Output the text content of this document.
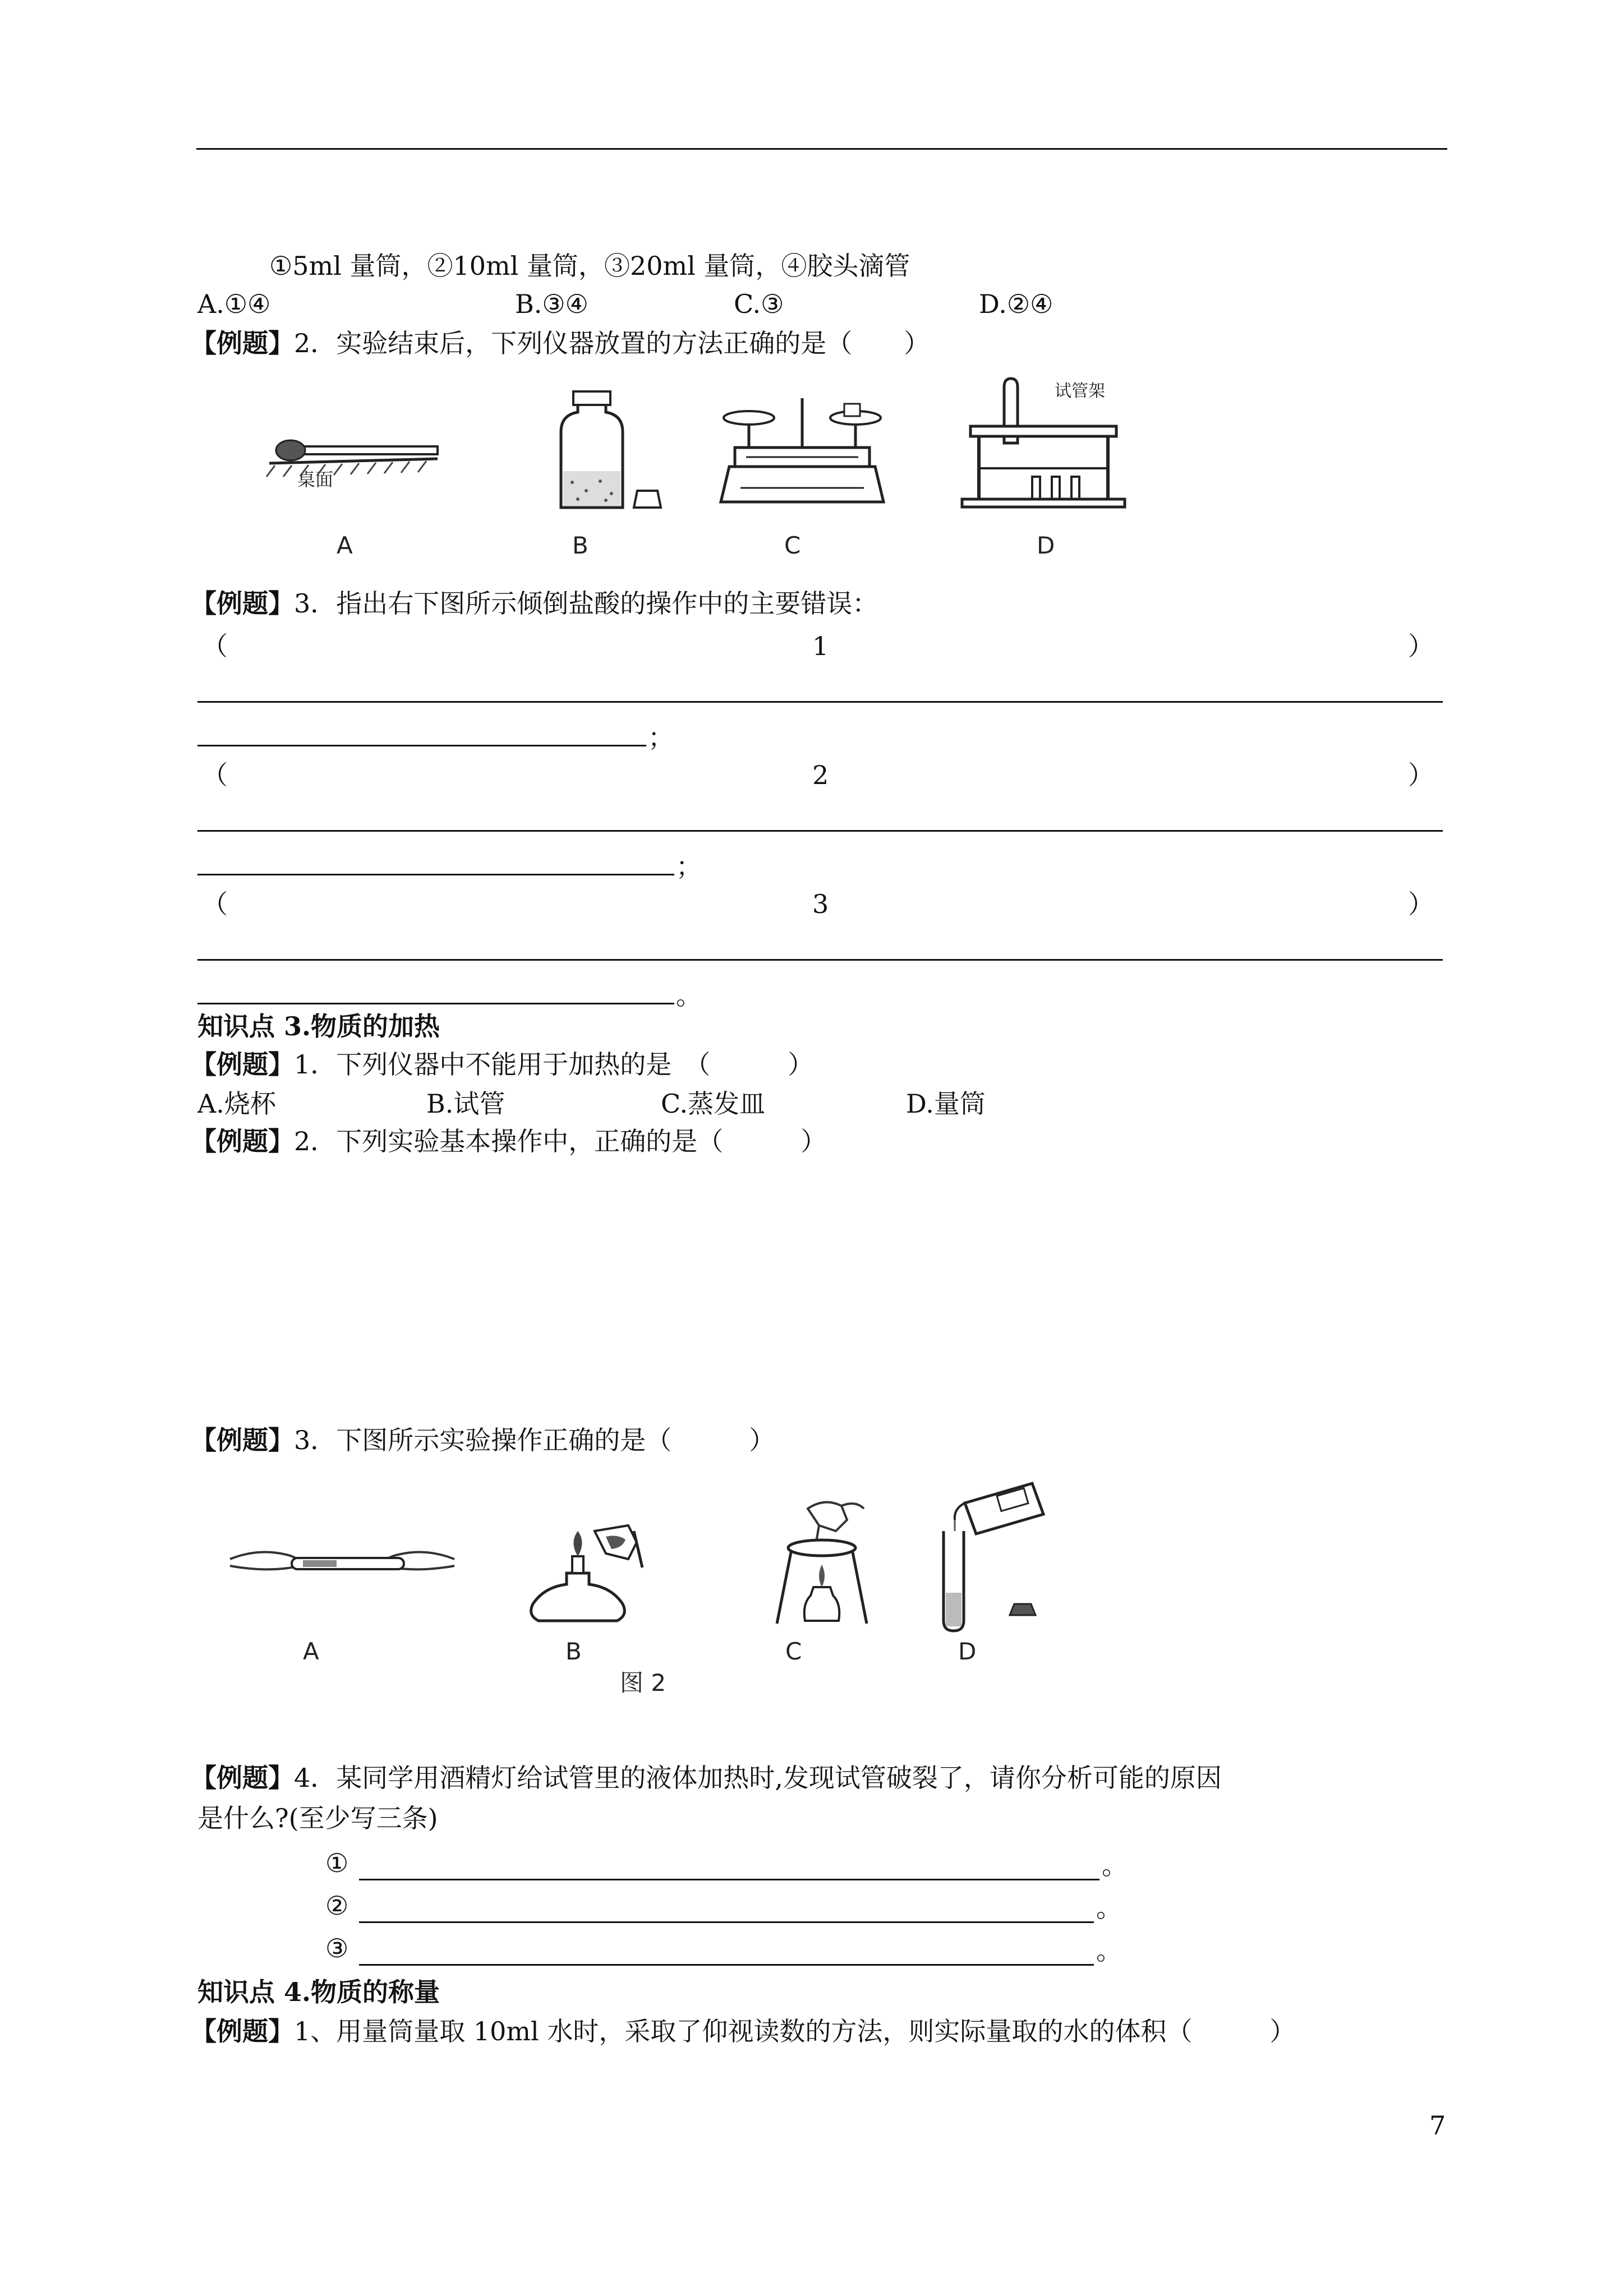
①5ml 量筒，②10ml 量筒，③20ml 量筒，④胶头滴管
A.①④	B.③④	C.③	D.②④
【例题】2．实验结束后，下列仪器放置的方法正确的是（　　）
桌面
A	B	C
试管架
D
【例题】3．指出右下图所示倾倒盐酸的操作中的主要错误：
（	1	）
；
（	2	）
；
（	3	）
。
知识点 3.物质的加热
【例题】1．下列仪器中不能用于加热的是　（　　　）
A.烧杯	B.试管	C.蒸发皿	D.量筒
【例题】2．下列实验基本操作中，正确的是（　　　）
【例题】3．下图所示实验操作正确的是（　　　）
A	B
图 2
C	D
【例题】4．某同学用酒精灯给试管里的液体加热时,发现试管破裂了，请你分析可能的原因
是什么?(至少写三条)
①	。
②	。
③	。
知识点 4.物质的称量
【例题】1、用量筒量取 10ml 水时，采取了仰视读数的方法，则实际量取的水的体积（　　　）
7
